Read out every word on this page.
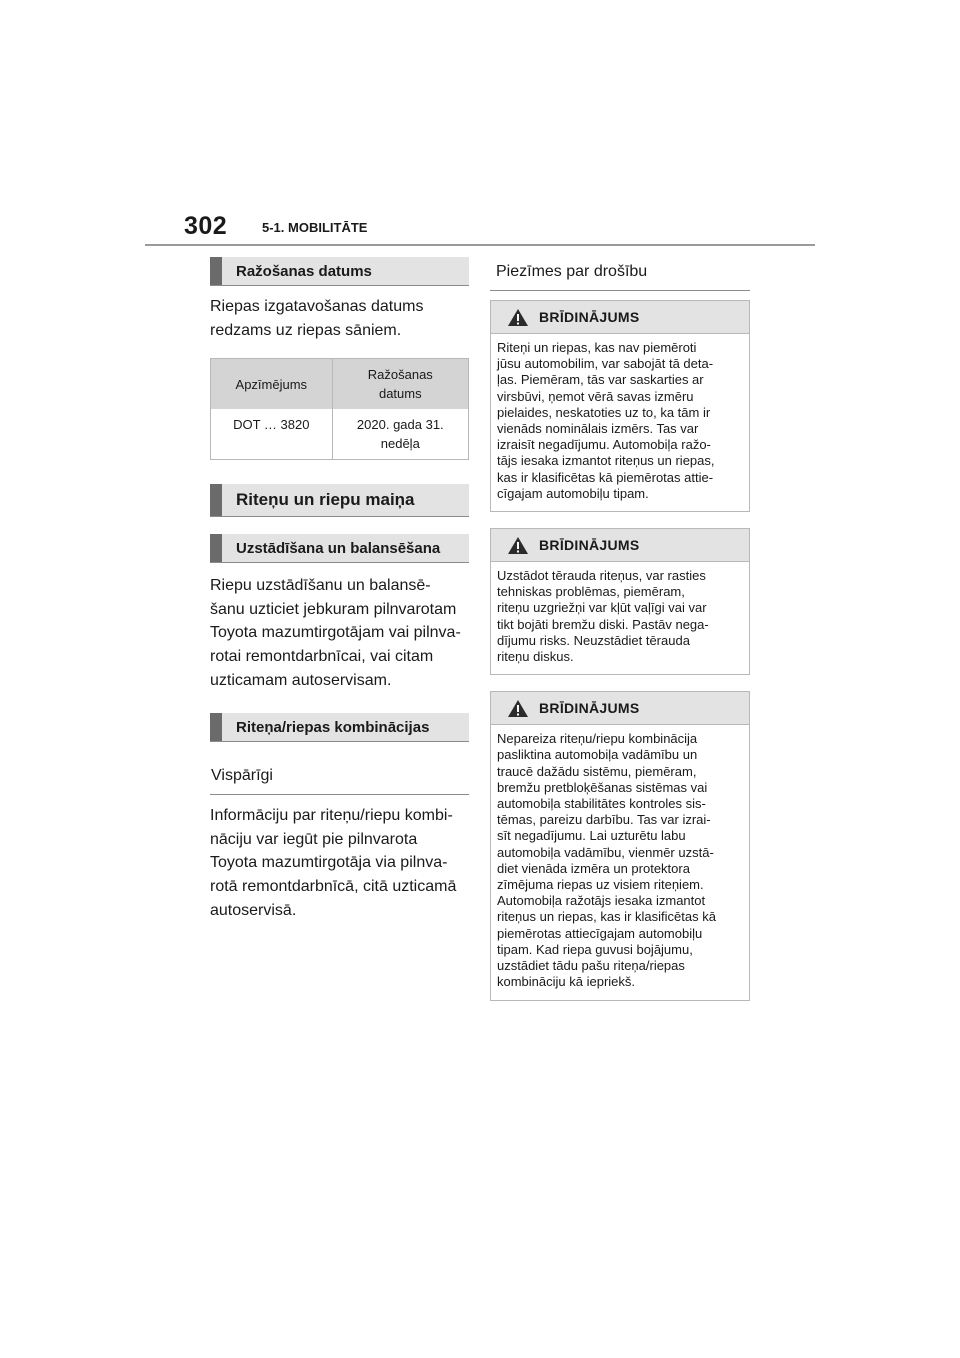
302	5-1. MOBILITĀTE
Ražošanas datums
Riepas izgatavošanas datums
redzams uz riepas sāniem.
Apzīmējums	Ražošanas
datums

DOT … 3820	2020. gada 31.
nedēļa
Riteņu un riepu maiņa
Uzstādīšana un balansēšana
Riepu uzstādīšanu un balansē-
šanu uzticiet jebkuram pilnvarotam
Toyota mazumtirgotājam vai pilnva-
rotai remontdarbnīcai, vai citam
uzticamam autoservisam.
Riteņa/riepas kombinācijas
Vispārīgi
Informāciju par riteņu/riepu kombi-
nāciju var iegūt pie pilnvarota
Toyota mazumtirgotāja via pilnva-
rotā remontdarbnīcā, citā uzticamā
autoservisā.
Piezīmes par drošību
BRĪDINĀJUMS
Riteņi un riepas, kas nav piemēroti
jūsu automobilim, var sabojāt tā deta-
ļas. Piemēram, tās var saskarties ar
virsbūvi, ņemot vērā savas izmēru
pielaides, neskatoties uz to, ka tām ir
vienāds nominālais izmērs. Tas var
izraisīt negadījumu. Automobiļa ražo-
tājs iesaka izmantot riteņus un riepas,
kas ir klasificētas kā piemērotas attie-
cīgajam automobiļu tipam.
BRĪDINĀJUMS
Uzstādot tērauda riteņus, var rasties
tehniskas problēmas, piemēram,
riteņu uzgriežņi var kļūt vaļīgi vai var
tikt bojāti bremžu diski. Pastāv nega-
dījumu risks. Neuzstādiet tērauda
riteņu diskus.
BRĪDINĀJUMS
Nepareiza riteņu/riepu kombinācija
pasliktina automobiļa vadāmību un
traucē dažādu sistēmu, piemēram,
bremžu pretbloķēšanas sistēmas vai
automobiļa stabilitātes kontroles sis-
tēmas, pareizu darbību. Tas var izrai-
sīt negadījumu. Lai uzturētu labu
automobiļa vadāmību, vienmēr uzstā-
diet vienāda izmēra un protektora
zīmējuma riepas uz visiem riteņiem.
Automobiļa ražotājs iesaka izmantot
riteņus un riepas, kas ir klasificētas kā
piemērotas attiecīgajam automobiļu
tipam. Kad riepa guvusi bojājumu,
uzstādiet tādu pašu riteņa/riepas
kombināciju kā iepriekš.
